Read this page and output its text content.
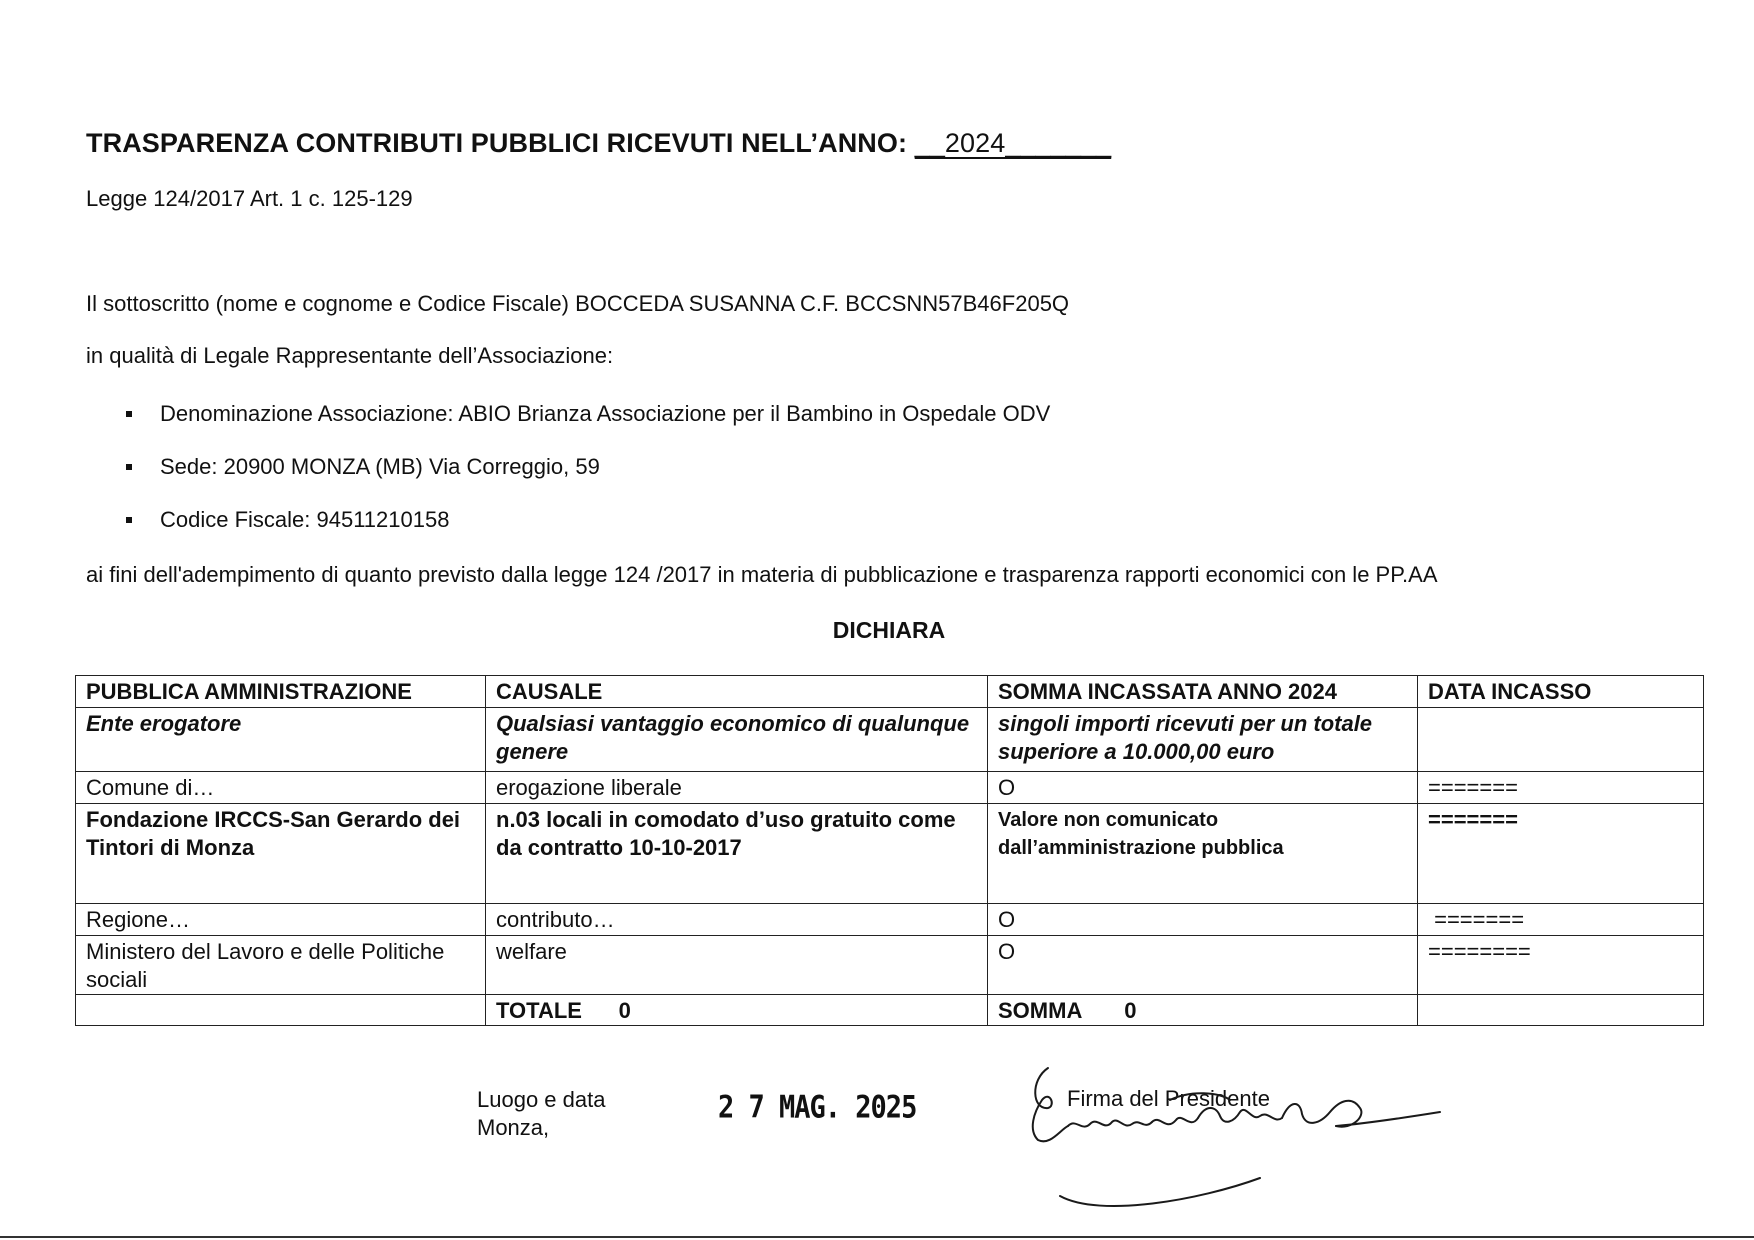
TRASPARENZA CONTRIBUTI PUBBLICI RICEVUTI NELL’ANNO: __2024_______
Legge 124/2017 Art. 1 c. 125-129
Il sottoscritto (nome e cognome e Codice Fiscale) BOCCEDA SUSANNA C.F. BCCSNN57B46F205Q
in qualità di Legale Rappresentante dell’Associazione:
Denominazione Associazione: ABIO Brianza Associazione per il Bambino in Ospedale ODV
Sede: 20900 MONZA (MB) Via Correggio, 59
Codice Fiscale: 94511210158
ai fini dell'adempimento di quanto previsto dalla legge 124 /2017 in materia di pubblicazione e trasparenza rapporti economici con le PP.AA
DICHIARA
PUBBLICA AMMINISTRAZIONE	CAUSALE	SOMMA INCASSATA ANNO 2024	DATA INCASSO
Ente erogatore	Qualsiasi vantaggio economico di qualunque genere	singoli importi ricevuti per un totale superiore a 10.000,00 euro	
Comune di…	erogazione liberale	O	=======
Fondazione IRCCS-San Gerardo dei Tintori di Monza	n.03 locali in comodato d’uso gratuito come da contratto 10-10-2017	Valore non comunicato dall’amministrazione pubblica	=======
Regione…	contributo…	O	=======
Ministero del Lavoro e delle Politiche sociali	welfare	O	========
	TOTALE      0	SOMMA       0	
Luogo e data
Monza,
2 7 MAG. 2025	Firma del Presidente
